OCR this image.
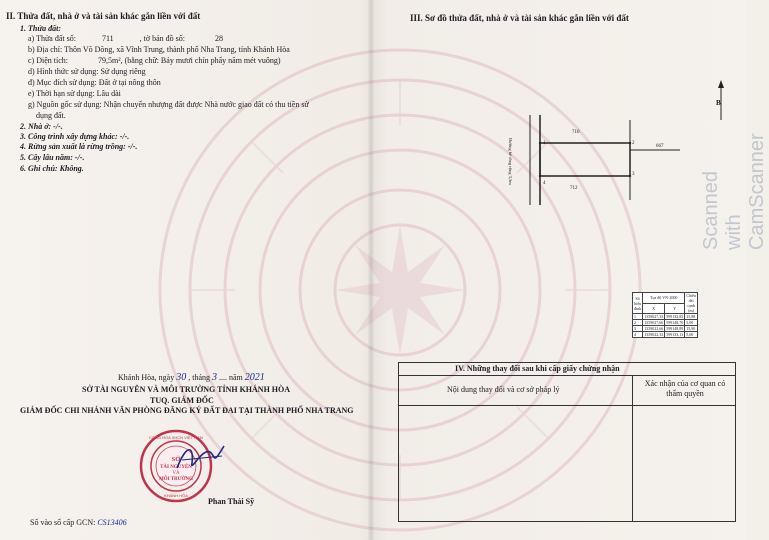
II. Thửa đất, nhà ở và tài sản khác gắn liền với đất
1. Thửa đất:
a) Thửa đất số:	711	, tờ bản đồ số:	28
b) Địa chỉ: Thôn Võ Dõng, xã Vĩnh Trung, thành phố Nha Trang, tỉnh Khánh Hòa
c) Diện tích:	79,5m², (bằng chữ: Bảy mươi chín phẩy năm mét vuông)
d) Hình thức sử dụng: Sử dụng riêng
đ) Mục đích sử dụng: Đất ở tại nông thôn
e) Thời hạn sử dụng: Lâu dài
g) Nguồn gốc sử dụng: Nhận chuyển nhượng đất được Nhà nước giao đất có thu tiền sử
dụng đất.
2. Nhà ở: -/-.
3. Công trình xây dựng khác: -/-.
4. Rừng sản xuất là rừng trồng: -/-.
5. Cây lâu năm: -/-.
6. Ghi chú: Không.
Khánh Hòa, ngày 30 , tháng 3 .... năm 2021
SỞ TÀI NGUYÊN VÀ MÔI TRƯỜNG TỈNH KHÁNH HÒA
TUQ. GIÁM ĐỐC
GIÁM ĐỐC CHI NHÁNH VĂN PHÒNG ĐĂNG KÝ ĐẤT ĐAI TẠI THÀNH PHỐ NHA TRANG
SỞ
TÀI NGUYÊN
VÀ
MÔI TRƯỜNG
CỘNG HÒA XHCN VIỆT NAM
KHÁNH HÒA
Phan Thái Sỹ
Số vào sổ cấp GCN: CS13406
III. Sơ đồ thửa đất, nhà ở và tài sản khác gắn liền với đất
B
Đường bê tông rộng 3,5m
710
667
712
1	2
3
4
Số hiệu đỉnh	Tọa độ VN-2000		Chiều dài cạnh (m)
	X	Y	
1	1359027,33	599132,85	15,88
2	1359027,66	599148,70	5,00
3	1359022,66	599148,89	15,90
4	1359022,33	599133,13	5,00
IV. Những thay đổi sau khi cấp giấy chứng nhận
Nội dung thay đổi và cơ sở pháp lý
Xác nhận của cơ quan có thẩm quyền
Scanned with CamScanner
